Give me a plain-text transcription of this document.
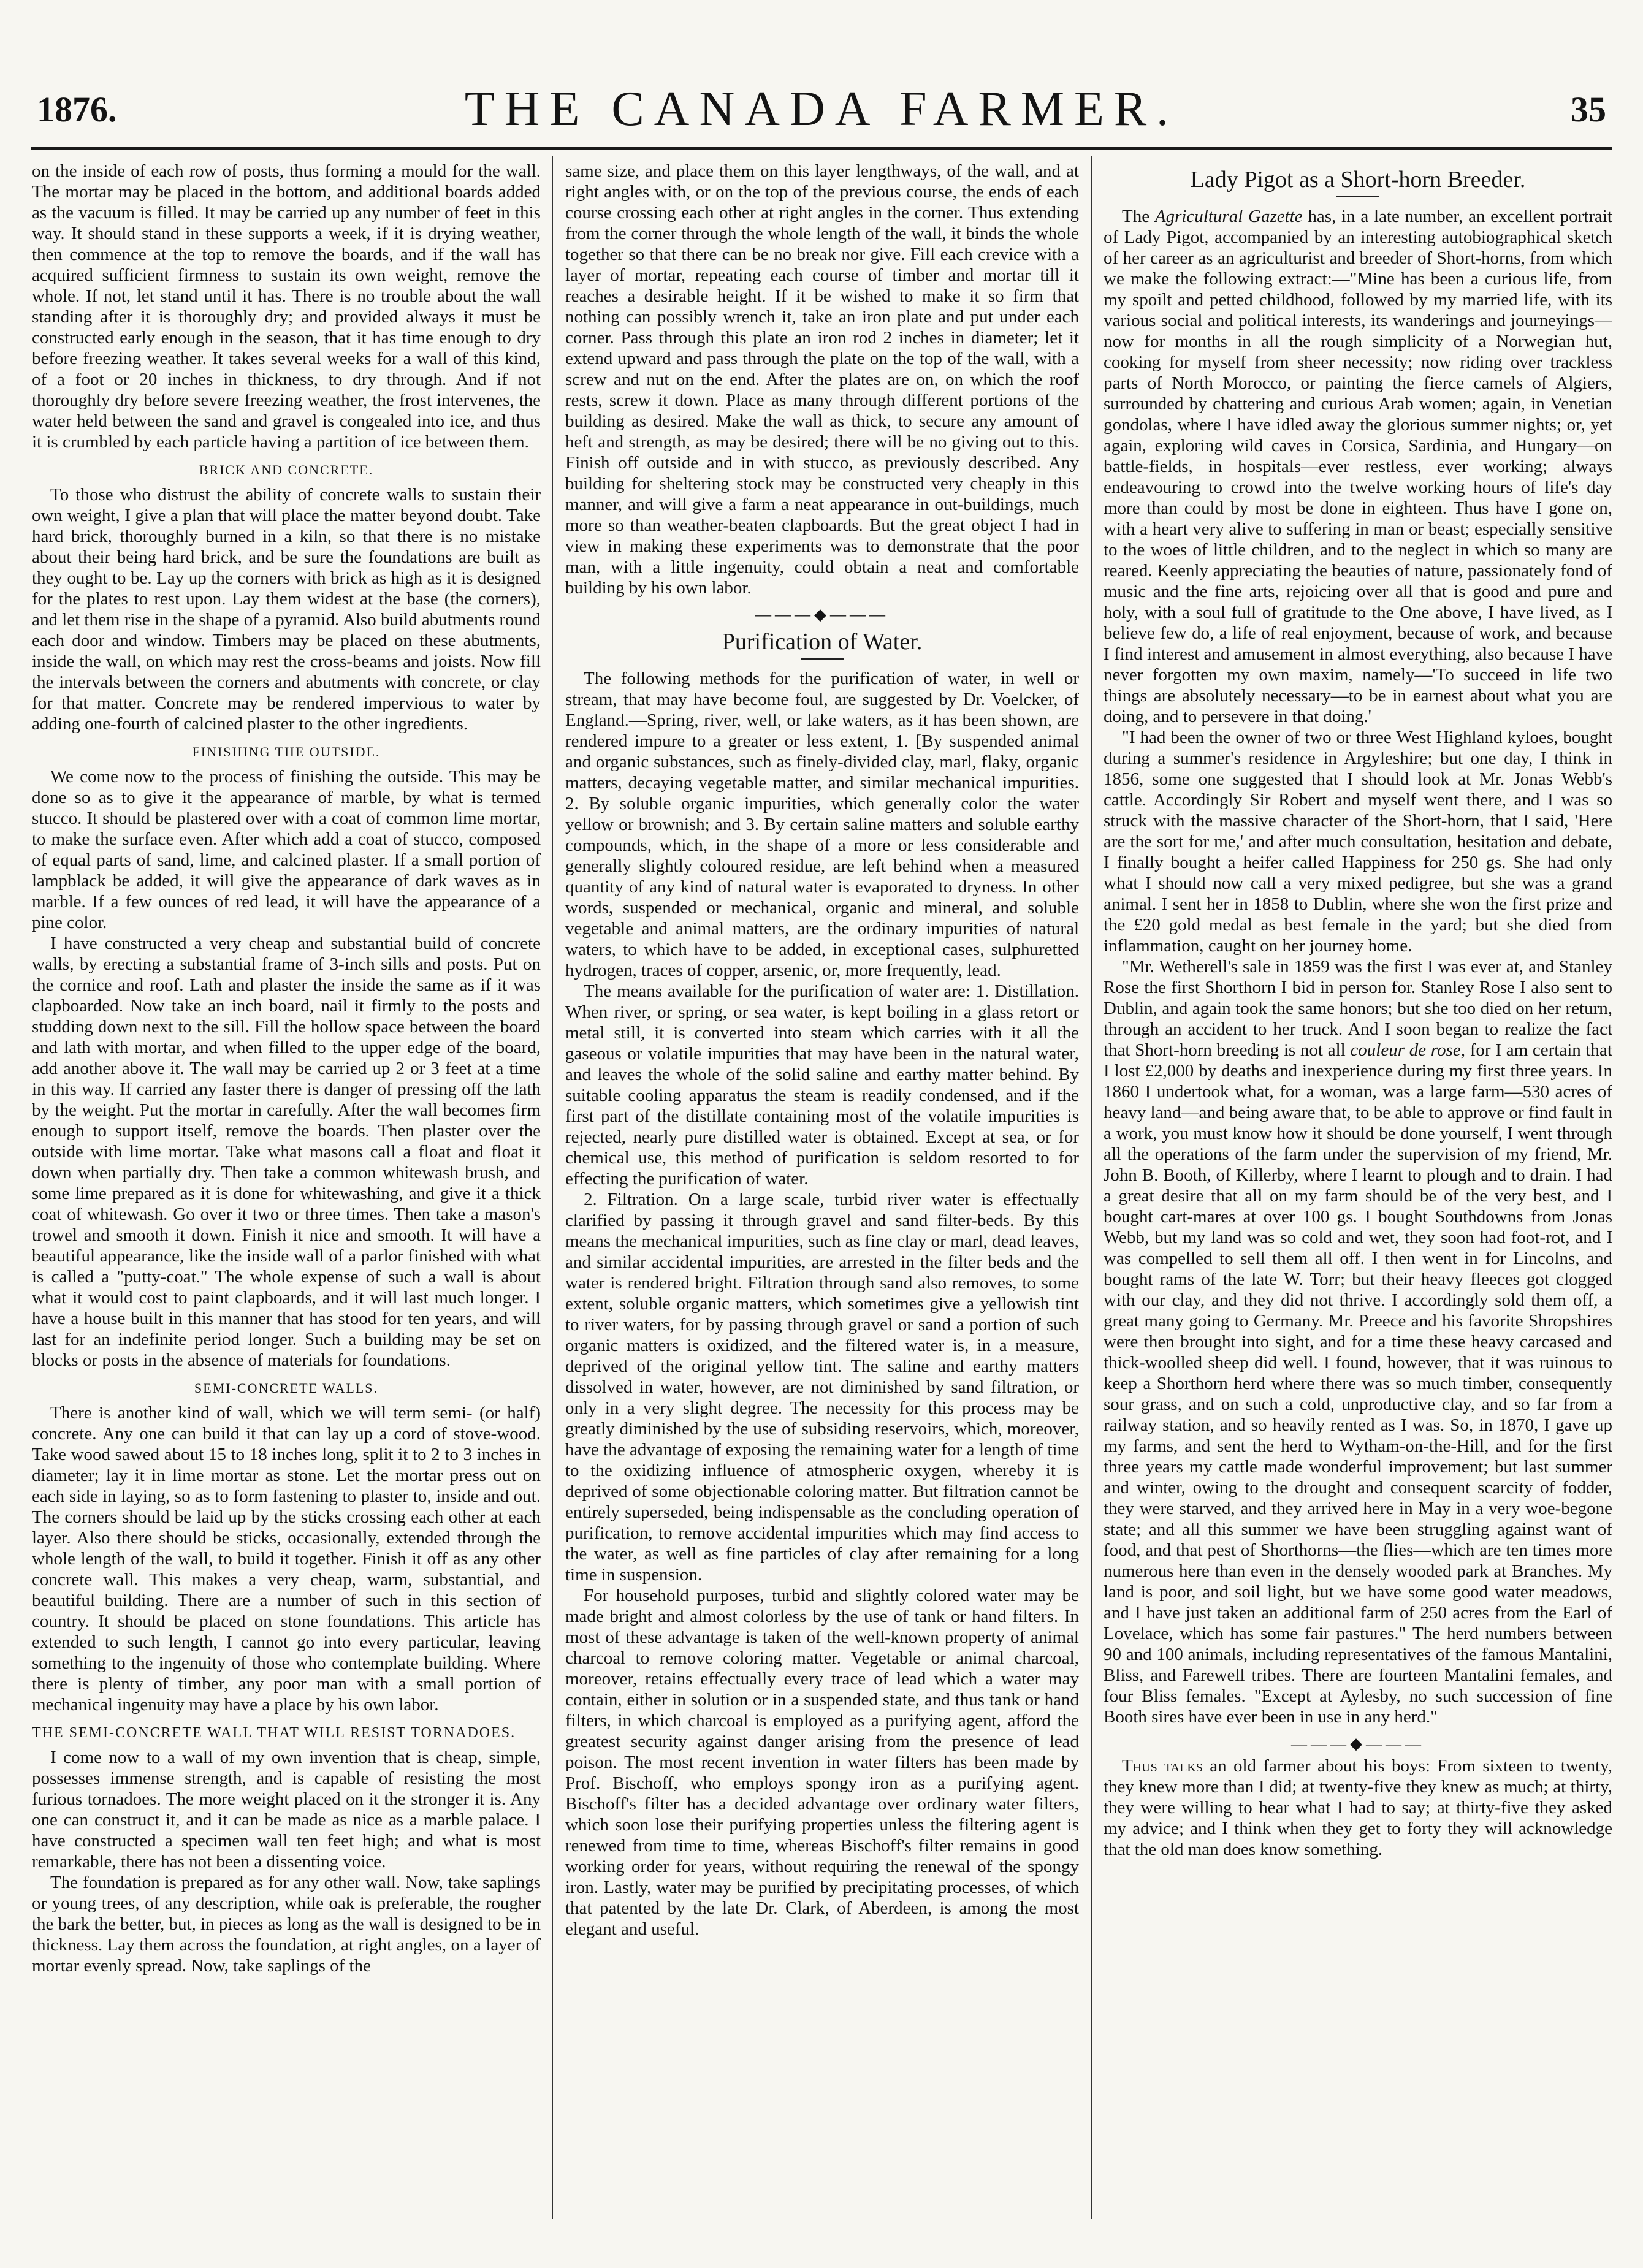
1876.	THE CANADA FARMER.	35

on the inside of each row of posts, thus forming a mould for the wall. The mortar may be placed in the bottom, and additional boards added as the vacuum is filled. It may be carried up any number of feet in this way. It should stand in these supports a week, if it is drying weather, then commence at the top to remove the boards, and if the wall has acquired sufficient firmness to sustain its own weight, remove the whole. If not, let stand until it has. There is no trouble about the wall standing after it is thoroughly dry; and provided always it must be constructed early enough in the season, that it has time enough to dry before freezing weather. It takes several weeks for a wall of this kind, of a foot or 20 inches in thickness, to dry through. And if not thoroughly dry before severe freezing weather, the frost intervenes, the water held between the sand and gravel is congealed into ice, and thus it is crumbled by each particle having a partition of ice between them.

BRICK AND CONCRETE.

To those who distrust the ability of concrete walls to sustain their own weight, I give a plan that will place the matter beyond doubt. Take hard brick, thoroughly burned in a kiln, so that there is no mistake about their being hard brick, and be sure the foundations are built as they ought to be. Lay up the corners with brick as high as it is designed for the plates to rest upon. Lay them widest at the base (the corners), and let them rise in the shape of a pyramid. Also build abutments round each door and window. Timbers may be placed on these abutments, inside the wall, on which may rest the cross-beams and joists. Now fill the intervals between the corners and abutments with concrete, or clay for that matter. Concrete may be rendered impervious to water by adding one-fourth of calcined plaster to the other ingredients.

FINISHING THE OUTSIDE.

We come now to the process of finishing the outside. This may be done so as to give it the appearance of marble, by what is termed stucco. It should be plastered over with a coat of common lime mortar, to make the surface even. After which add a coat of stucco, composed of equal parts of sand, lime, and calcined plaster. If a small portion of lampblack be added, it will give the appearance of dark waves as in marble. If a few ounces of red lead, it will have the appearance of a pine color.

I have constructed a very cheap and substantial build of concrete walls, by erecting a substantial frame of 3-inch sills and posts. Put on the cornice and roof. Lath and plaster the inside the same as if it was clapboarded. Now take an inch board, nail it firmly to the posts and studding down next to the sill. Fill the hollow space between the board and lath with mortar, and when filled to the upper edge of the board, add another above it. The wall may be carried up 2 or 3 feet at a time in this way. If carried any faster there is danger of pressing off the lath by the weight. Put the mortar in carefully. After the wall becomes firm enough to support itself, remove the boards. Then plaster over the outside with lime mortar. Take what masons call a float and float it down when partially dry. Then take a common whitewash brush, and some lime prepared as it is done for whitewashing, and give it a thick coat of whitewash. Go over it two or three times. Then take a mason's trowel and smooth it down. Finish it nice and smooth. It will have a beautiful appearance, like the inside wall of a parlor finished with what is called a "putty-coat." The whole expense of such a wall is about what it would cost to paint clapboards, and it will last much longer. I have a house built in this manner that has stood for ten years, and will last for an indefinite period longer. Such a building may be set on blocks or posts in the absence of materials for foundations.

SEMI-CONCRETE WALLS.

There is another kind of wall, which we will term semi- (or half) concrete. Any one can build it that can lay up a cord of stove-wood. Take wood sawed about 15 to 18 inches long, split it to 2 to 3 inches in diameter; lay it in lime mortar as stone. Let the mortar press out on each side in laying, so as to form fastening to plaster to, inside and out. The corners should be laid up by the sticks crossing each other at each layer. Also there should be sticks, occasionally, extended through the whole length of the wall, to build it together. Finish it off as any other concrete wall. This makes a very cheap, warm, substantial, and beautiful building. There are a number of such in this section of country. It should be placed on stone foundations. This article has extended to such length, I cannot go into every particular, leaving something to the ingenuity of those who contemplate building. Where there is plenty of timber, any poor man with a small portion of mechanical ingenuity may have a place by his own labor.

THE SEMI-CONCRETE WALL THAT WILL RESIST TORNADOES.

I come now to a wall of my own invention that is cheap, simple, possesses immense strength, and is capable of resisting the most furious tornadoes. The more weight placed on it the stronger it is. Any one can construct it, and it can be made as nice as a marble palace. I have constructed a specimen wall ten feet high; and what is most remarkable, there has not been a dissenting voice.

The foundation is prepared as for any other wall. Now, take saplings or young trees, of any description, while oak is preferable, the rougher the bark the better, but, in pieces as long as the wall is designed to be in thickness. Lay them across the foundation, at right angles, on a layer of mortar evenly spread. Now, take saplings of the

same size, and place them on this layer lengthways, of the wall, and at right angles with, or on the top of the previous course, the ends of each course crossing each other at right angles in the corner. Thus extending from the corner through the whole length of the wall, it binds the whole together so that there can be no break nor give. Fill each crevice with a layer of mortar, repeating each course of timber and mortar till it reaches a desirable height. If it be wished to make it so firm that nothing can possibly wrench it, take an iron plate and put under each corner. Pass through this plate an iron rod 2 inches in diameter; let it extend upward and pass through the plate on the top of the wall, with a screw and nut on the end. After the plates are on, on which the roof rests, screw it down. Place as many through different portions of the building as desired. Make the wall as thick, to secure any amount of heft and strength, as may be desired; there will be no giving out to this. Finish off outside and in with stucco, as previously described. Any building for sheltering stock may be constructed very cheaply in this manner, and will give a farm a neat appearance in out-buildings, much more so than weather-beaten clapboards. But the great object I had in view in making these experiments was to demonstrate that the poor man, with a little ingenuity, could obtain a neat and comfortable building by his own labor.

———◆———
Purification of Water.

The following methods for the purification of water, in well or stream, that may have become foul, are suggested by Dr. Voelcker, of England.—Spring, river, well, or lake waters, as it has been shown, are rendered impure to a greater or less extent, 1. [By suspended animal and organic substances, such as finely-divided clay, marl, flaky, organic matters, decaying vegetable matter, and similar mechanical impurities. 2. By soluble organic impurities, which generally color the water yellow or brownish; and 3. By certain saline matters and soluble earthy compounds, which, in the shape of a more or less considerable and generally slightly coloured residue, are left behind when a measured quantity of any kind of natural water is evaporated to dryness. In other words, suspended or mechanical, organic and mineral, and soluble vegetable and animal matters, are the ordinary impurities of natural waters, to which have to be added, in exceptional cases, sulphuretted hydrogen, traces of copper, arsenic, or, more frequently, lead.

The means available for the purification of water are: 1. Distillation. When river, or spring, or sea water, is kept boiling in a glass retort or metal still, it is converted into steam which carries with it all the gaseous or volatile impurities that may have been in the natural water, and leaves the whole of the solid saline and earthy matter behind. By suitable cooling apparatus the steam is readily condensed, and if the first part of the distillate containing most of the volatile impurities is rejected, nearly pure distilled water is obtained. Except at sea, or for chemical use, this method of purification is seldom resorted to for effecting the purification of water.

2. Filtration. On a large scale, turbid river water is effectually clarified by passing it through gravel and sand filter-beds. By this means the mechanical impurities, such as fine clay or marl, dead leaves, and similar accidental impurities, are arrested in the filter beds and the water is rendered bright. Filtration through sand also removes, to some extent, soluble organic matters, which sometimes give a yellowish tint to river waters, for by passing through gravel or sand a portion of such organic matters is oxidized, and the filtered water is, in a measure, deprived of the original yellow tint. The saline and earthy matters dissolved in water, however, are not diminished by sand filtration, or only in a very slight degree. The necessity for this process may be greatly diminished by the use of subsiding reservoirs, which, moreover, have the advantage of exposing the remaining water for a length of time to the oxidizing influence of atmospheric oxygen, whereby it is deprived of some objectionable coloring matter. But filtration cannot be entirely superseded, being indispensable as the concluding operation of purification, to remove accidental impurities which may find access to the water, as well as fine particles of clay after remaining for a long time in suspension.

For household purposes, turbid and slightly colored water may be made bright and almost colorless by the use of tank or hand filters. In most of these advantage is taken of the well-known property of animal charcoal to remove coloring matter. Vegetable or animal charcoal, moreover, retains effectually every trace of lead which a water may contain, either in solution or in a suspended state, and thus tank or hand filters, in which charcoal is employed as a purifying agent, afford the greatest security against danger arising from the presence of lead poison. The most recent invention in water filters has been made by Prof. Bischoff, who employs spongy iron as a purifying agent. Bischoff's filter has a decided advantage over ordinary water filters, which soon lose their purifying properties unless the filtering agent is renewed from time to time, whereas Bischoff's filter remains in good working order for years, without requiring the renewal of the spongy iron. Lastly, water may be purified by precipitating processes, of which that patented by the late Dr. Clark, of Aberdeen, is among the most elegant and useful.

Lady Pigot as a Short-horn Breeder.

The Agricultural Gazette has, in a late number, an excellent portrait of Lady Pigot, accompanied by an interesting autobiographical sketch of her career as an agriculturist and breeder of Short-horns, from which we make the following extract:—"Mine has been a curious life, from my spoilt and petted childhood, followed by my married life, with its various social and political interests, its wanderings and journeyings—now for months in all the rough simplicity of a Norwegian hut, cooking for myself from sheer necessity; now riding over trackless parts of North Morocco, or painting the fierce camels of Algiers, surrounded by chattering and curious Arab women; again, in Venetian gondolas, where I have idled away the glorious summer nights; or, yet again, exploring wild caves in Corsica, Sardinia, and Hungary—on battle-fields, in hospitals—ever restless, ever working; always endeavouring to crowd into the twelve working hours of life's day more than could by most be done in eighteen. Thus have I gone on, with a heart very alive to suffering in man or beast; especially sensitive to the woes of little children, and to the neglect in which so many are reared. Keenly appreciating the beauties of nature, passionately fond of music and the fine arts, rejoicing over all that is good and pure and holy, with a soul full of gratitude to the One above, I have lived, as I believe few do, a life of real enjoyment, because of work, and because I find interest and amusement in almost everything, also because I have never forgotten my own maxim, namely—'To succeed in life two things are absolutely necessary—to be in earnest about what you are doing, and to persevere in that doing.'

"I had been the owner of two or three West Highland kyloes, bought during a summer's residence in Argyleshire; but one day, I think in 1856, some one suggested that I should look at Mr. Jonas Webb's cattle. Accordingly Sir Robert and myself went there, and I was so struck with the massive character of the Short-horn, that I said, 'Here are the sort for me,' and after much consultation, hesitation and debate, I finally bought a heifer called Happiness for 250 gs. She had only what I should now call a very mixed pedigree, but she was a grand animal. I sent her in 1858 to Dublin, where she won the first prize and the £20 gold medal as best female in the yard; but she died from inflammation, caught on her journey home.

"Mr. Wetherell's sale in 1859 was the first I was ever at, and Stanley Rose the first Shorthorn I bid in person for. Stanley Rose I also sent to Dublin, and again took the same honors; but she too died on her return, through an accident to her truck. And I soon began to realize the fact that Short-horn breeding is not all couleur de rose, for I am certain that I lost £2,000 by deaths and inexperience during my first three years. In 1860 I undertook what, for a woman, was a large farm—530 acres of heavy land—and being aware that, to be able to approve or find fault in a work, you must know how it should be done yourself, I went through all the operations of the farm under the supervision of my friend, Mr. John B. Booth, of Killerby, where I learnt to plough and to drain. I had a great desire that all on my farm should be of the very best, and I bought cart-mares at over 100 gs. I bought Southdowns from Jonas Webb, but my land was so cold and wet, they soon had foot-rot, and I was compelled to sell them all off. I then went in for Lincolns, and bought rams of the late W. Torr; but their heavy fleeces got clogged with our clay, and they did not thrive. I accordingly sold them off, a great many going to Germany. Mr. Preece and his favorite Shropshires were then brought into sight, and for a time these heavy carcased and thick-woolled sheep did well. I found, however, that it was ruinous to keep a Shorthorn herd where there was so much timber, consequently sour grass, and on such a cold, unproductive clay, and so far from a railway station, and so heavily rented as I was. So, in 1870, I gave up my farms, and sent the herd to Wytham-on-the-Hill, and for the first three years my cattle made wonderful improvement; but last summer and winter, owing to the drought and consequent scarcity of fodder, they were starved, and they arrived here in May in a very woe-begone state; and all this summer we have been struggling against want of food, and that pest of Shorthorns—the flies—which are ten times more numerous here than even in the densely wooded park at Branches. My land is poor, and soil light, but we have some good water meadows, and I have just taken an additional farm of 250 acres from the Earl of Lovelace, which has some fair pastures." The herd numbers between 90 and 100 animals, including representatives of the famous Mantalini, Bliss, and Farewell tribes. There are fourteen Mantalini females, and four Bliss females. "Except at Aylesby, no such succession of fine Booth sires have ever been in use in any herd."

———◆———

Thus talks an old farmer about his boys: From sixteen to twenty, they knew more than I did; at twenty-five they knew as much; at thirty, they were willing to hear what I had to say; at thirty-five they asked my advice; and I think when they get to forty they will acknowledge that the old man does know something.
